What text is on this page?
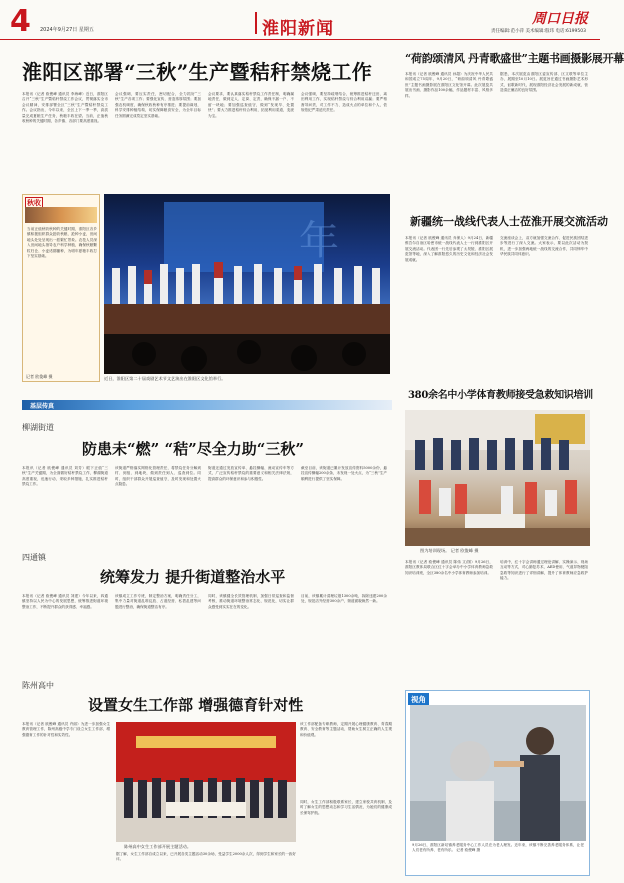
4 2024年9月27日 星期五	淮阳新闻	周口日报
责任编辑:范小萍 美术编辑:殷玮 电话:6199503
淮阳区部署“三秋”生产暨秸秆禁烧工作
本报讯（记者 欧俊峰 通讯员 李海峰）近日，淮阳区召开“三秋”生产暨秸秆禁烧工作会议，贯彻落实全市会议精神，安排部署全区“三秋”生产暨秸秆禁烧工作。会议指出，今年以来，全区上下一季一季，高质量完成夏粮生产任务，秋粮丰收在望。当前，正值秋收秋种的关键时期，各乡镇、各部门要高度重视。
会议强调，要压实责任，密切配合，全力抓好“三秋”生产各项工作；要强化宣传，营造浓厚氛围；要加强农机调度，确保秋收秋种有序推进；要提前谋划，科学安排种植结构，切实保障粮食安全，为全年目标任务圆满完成奠定坚实基础。
会议要求，要认真落实秸秆禁烧工作责任制，明确属地责任，做到定人、定岗、定责，确保不漏一户、不留一块地；要加强巡查值守，做到“发现早、处置快”；要大力推进秸秆综合利用，拓宽利用渠道，变废为宝。
会议强调，要坚持疏堵结合，统筹推进秸秆还田、离田利用工作，实现秸秆禁烧与综合利用双赢；要严格督导问责，对工作不力、造成火点的单位和个人，依规依纪严肃追究责任。
秋收
当前正值秋收秋种的关键时期，淮阳区各乡镇积极组织群众抢收秋粮、抢种小麦，田间地头处处呈现出一派繁忙景象。农技人员深入田间地头指导农户科学种植，确保秋粮颗粒归仓、小麦适期播种，为明年夏粮丰收打下坚实基础。
记者 欧俊峰 摄
年
近日，淮阳区第二十届戏剧艺术节文艺演出在淮阳区文化馆举行。
“荷韵颂清风 丹青歌盛世”主题书画摄影展开幕
本报讯（记者 欧俊峰 通讯员 孙超）为庆祝中华人民共和国成立75周年，9月20日，“荷韵颂清风 丹青歌盛世”主题书画摄影展在淮阳区文化馆开幕。此次展览共展出书画、摄影作品100余幅，作品题材丰富、风格多样。
据悉，本次展览由淮阳区委宣传部、区文联等单位主办，展期至10月10日。展览旨在通过书画摄影艺术形式，讴歌新时代，展现淮阳经济社会发展的新成就，营造清正廉洁的良好氛围。
新疆统一战线代表人士莅淮开展交流活动
本报讯（记者 欧俊峰 通讯员 乔保人）9月24日，新疆维吾尔自治区哈密市统一战线代表人士一行到淮阳区开展交流活动。代表团一行先后参观了太昊陵、淮阳区展览馆等地，深入了解淮阳悠久的历史文化和经济社会发展成就。
交流座谈会上，双方就加强交流合作、促进民族团结进步等进行了深入交流。大家表示，要以此次活动为契机，进一步加强两地统一战线的交流合作，共同铸牢中华民族共同体意识。
380余名中小学体育教师接受急救知识培训
图为培训现场。 记者 欧俊峰 摄
本报讯（记者 欧俊峰 通讯员 陈伟 文/图）9月26日，淮阳区教体局联合区红十字会举办中小学体育教师急救知识培训班，全区380余名中小学体育教师参加培训。
培训中，红十字会讲师通过理论讲解、实操演示、现场互动等方式，对心肺复苏术、AED使用、气道异物梗阻急救等知识进行了详细讲解，提升了体育教师应急救护能力。
视角
9月26日，淮阳区新站镇养老服务中心工作人员在为老人理发。近年来，该镇不断完善养老服务体系，让老人们老有所养、老有所乐。 记者 欧俊峰 摄
基层传真
柳湖街道
防患未“燃” “秸”尽全力助“三秋”
本报讯（记者 欧俊峰 通讯员 刘芳）眼下正值“三秋”生产关键期，为全面做好秸秆禁烧工作，柳湖街道高度重视，迅速行动，采取多种措施，扎实推进秸秆禁烧工作。
该街道严格落实网格化管理责任，将禁烧任务分解到村、到组、到地块，做到责任到人、巡查到位。同时，组织干部群众开展巡查值守，及时发现和处置火点隐患。
街道还通过发放宣传单、悬挂横幅、流动宣传车等方式，广泛宣传秸秆禁烧的重要意义和相关法律法规，提高群众的环保意识和参与积极性。
截至目前，该街道已累计发放宣传资料5000余份，悬挂宣传横幅200余条，未发现一处火点，为“三秋”生产顺利进行提供了坚实保障。
四通镇
统筹发力 提升街道整治水平
本报讯（记者 欧俊峰 通讯员 刘建）今年以来，四通镇坚持以人民为中心的发展思想，统筹推进街道环境整治工作，不断提升群众的获得感、幸福感。
该镇成立工作专班，制定整治方案，明确责任分工，集中力量对街道乱堆乱放、占道经营、私搭乱建等问题进行整治，确保街道整洁有序。
同时，该镇健全长效管理机制，加强日常巡查和监督考核，推动街道环境整治常态化、规范化，切实让群众感受到实实在在的变化。
目前，该镇累计清理垃圾1300余吨，拆除违建200余处，规范店外经营300余户，街道面貌焕然一新。
陈州高中
设置女生工作部 增强德育针对性
本报讯（记者 欧俊峰 通讯员 许丽）为进一步加强女生教育管理工作，陈州高级中学专门设立女生工作部，增强德育工作的针对性和实效性。
陈州高中女生工作部开展主题活动。
该工作部配备专职教师，定期开展心理健康教育、青春期教育、安全教育等主题活动，帮助女生树立正确的人生观和价值观。
同时，女生工作部积极联系家长，建立家校共育机制，及时了解女生的思想动态和学习生活情况，为她们的健康成长保驾护航。
据了解，女生工作部自成立以来，已开展各类主题活动30余场，受益学生2000余人次，得到学生和家长的一致好评。
